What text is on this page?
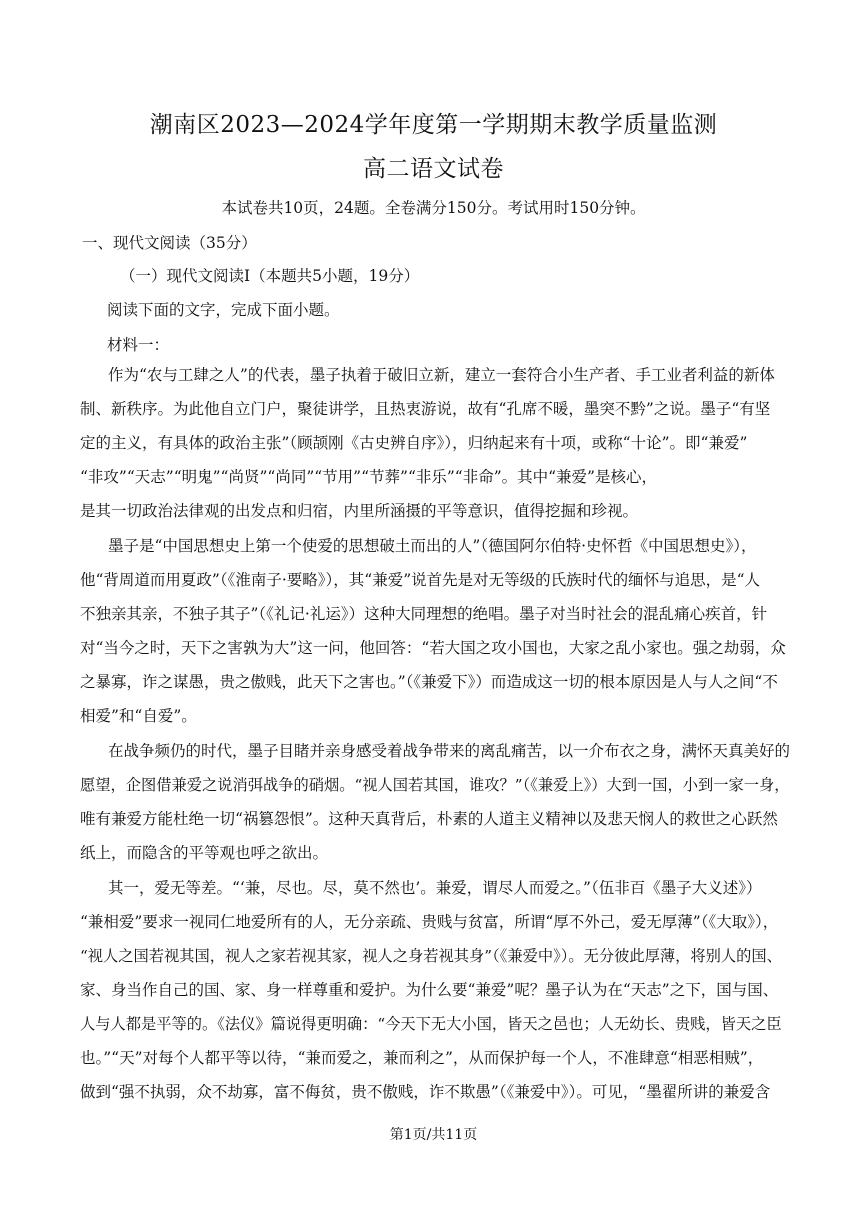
潮南区2023—2024学年度第一学期期末教学质量监测
高二语文试卷
本试卷共10页，24题。全卷满分150分。考试用时150分钟。
一、现代文阅读（35分）
（一）现代文阅读Ⅰ（本题共5小题，19分）
阅读下面的文字，完成下面小题。
材料一：
作为“农与工肆之人”的代表，墨子执着于破旧立新，建立一套符合小生产者、手工业者利益的新体
制、新秩序。为此他自立门户，聚徒讲学，且热衷游说，故有“孔席不暖，墨突不黔”之说。墨子“有坚
定的主义，有具体的政治主张”（顾颉刚《古史辨自序》），归纳起来有十项，或称“十论”。即“兼爱”
“非攻”“天志”“明鬼”“尚贤”“尚同”“节用”“节葬”“非乐”“非命”。其中“兼爱”是核心，
是其一切政治法律观的出发点和归宿，内里所涵摄的平等意识，值得挖掘和珍视。
墨子是“中国思想史上第一个使爱的思想破土而出的人”（德国阿尔伯特·史怀哲《中国思想史》），
他“背周道而用夏政”（《淮南子·要略》），其“兼爱”说首先是对无等级的氏族时代的缅怀与追思，是“人
不独亲其亲，不独子其子”（《礼记·礼运》）这种大同理想的绝唱。墨子对当时社会的混乱痛心疾首，针
对“当今之时，天下之害孰为大”这一问，他回答：“若大国之攻小国也，大家之乱小家也。强之劫弱，众
之暴寡，诈之谋愚，贵之傲贱，此天下之害也。”（《兼爱下》）而造成这一切的根本原因是人与人之间“不
相爱”和“自爱”。
在战争频仍的时代，墨子目睹并亲身感受着战争带来的离乱痛苦，以一介布衣之身，满怀天真美好的
愿望，企图借兼爱之说消弭战争的硝烟。“视人国若其国，谁攻？”（《兼爱上》）大到一国，小到一家一身，
唯有兼爱方能杜绝一切“祸篡怨恨”。这种天真背后，朴素的人道主义精神以及悲天悯人的救世之心跃然
纸上，而隐含的平等观也呼之欲出。
其一，爱无等差。“‘兼，尽也。尽，莫不然也’。兼爱，谓尽人而爱之。”（伍非百《墨子大义述》）
“兼相爱”要求一视同仁地爱所有的人，无分亲疏、贵贱与贫富，所谓“厚不外己，爱无厚薄”（《大取》），
“视人之国若视其国，视人之家若视其家，视人之身若视其身”（《兼爱中》）。无分彼此厚薄，将别人的国、
家、身当作自己的国、家、身一样尊重和爱护。为什么要“兼爱”呢？墨子认为在“天志”之下，国与国、
人与人都是平等的。《法仪》篇说得更明确：“今天下无大小国，皆天之邑也；人无幼长、贵贱，皆天之臣
也。”“天”对每个人都平等以待，“兼而爱之，兼而利之”，从而保护每一个人，不准肆意“相恶相贼”，
做到“强不执弱，众不劫寡，富不侮贫，贵不傲贱，诈不欺愚”（《兼爱中》）。可见，“墨翟所讲的兼爱含
第1页/共11页
